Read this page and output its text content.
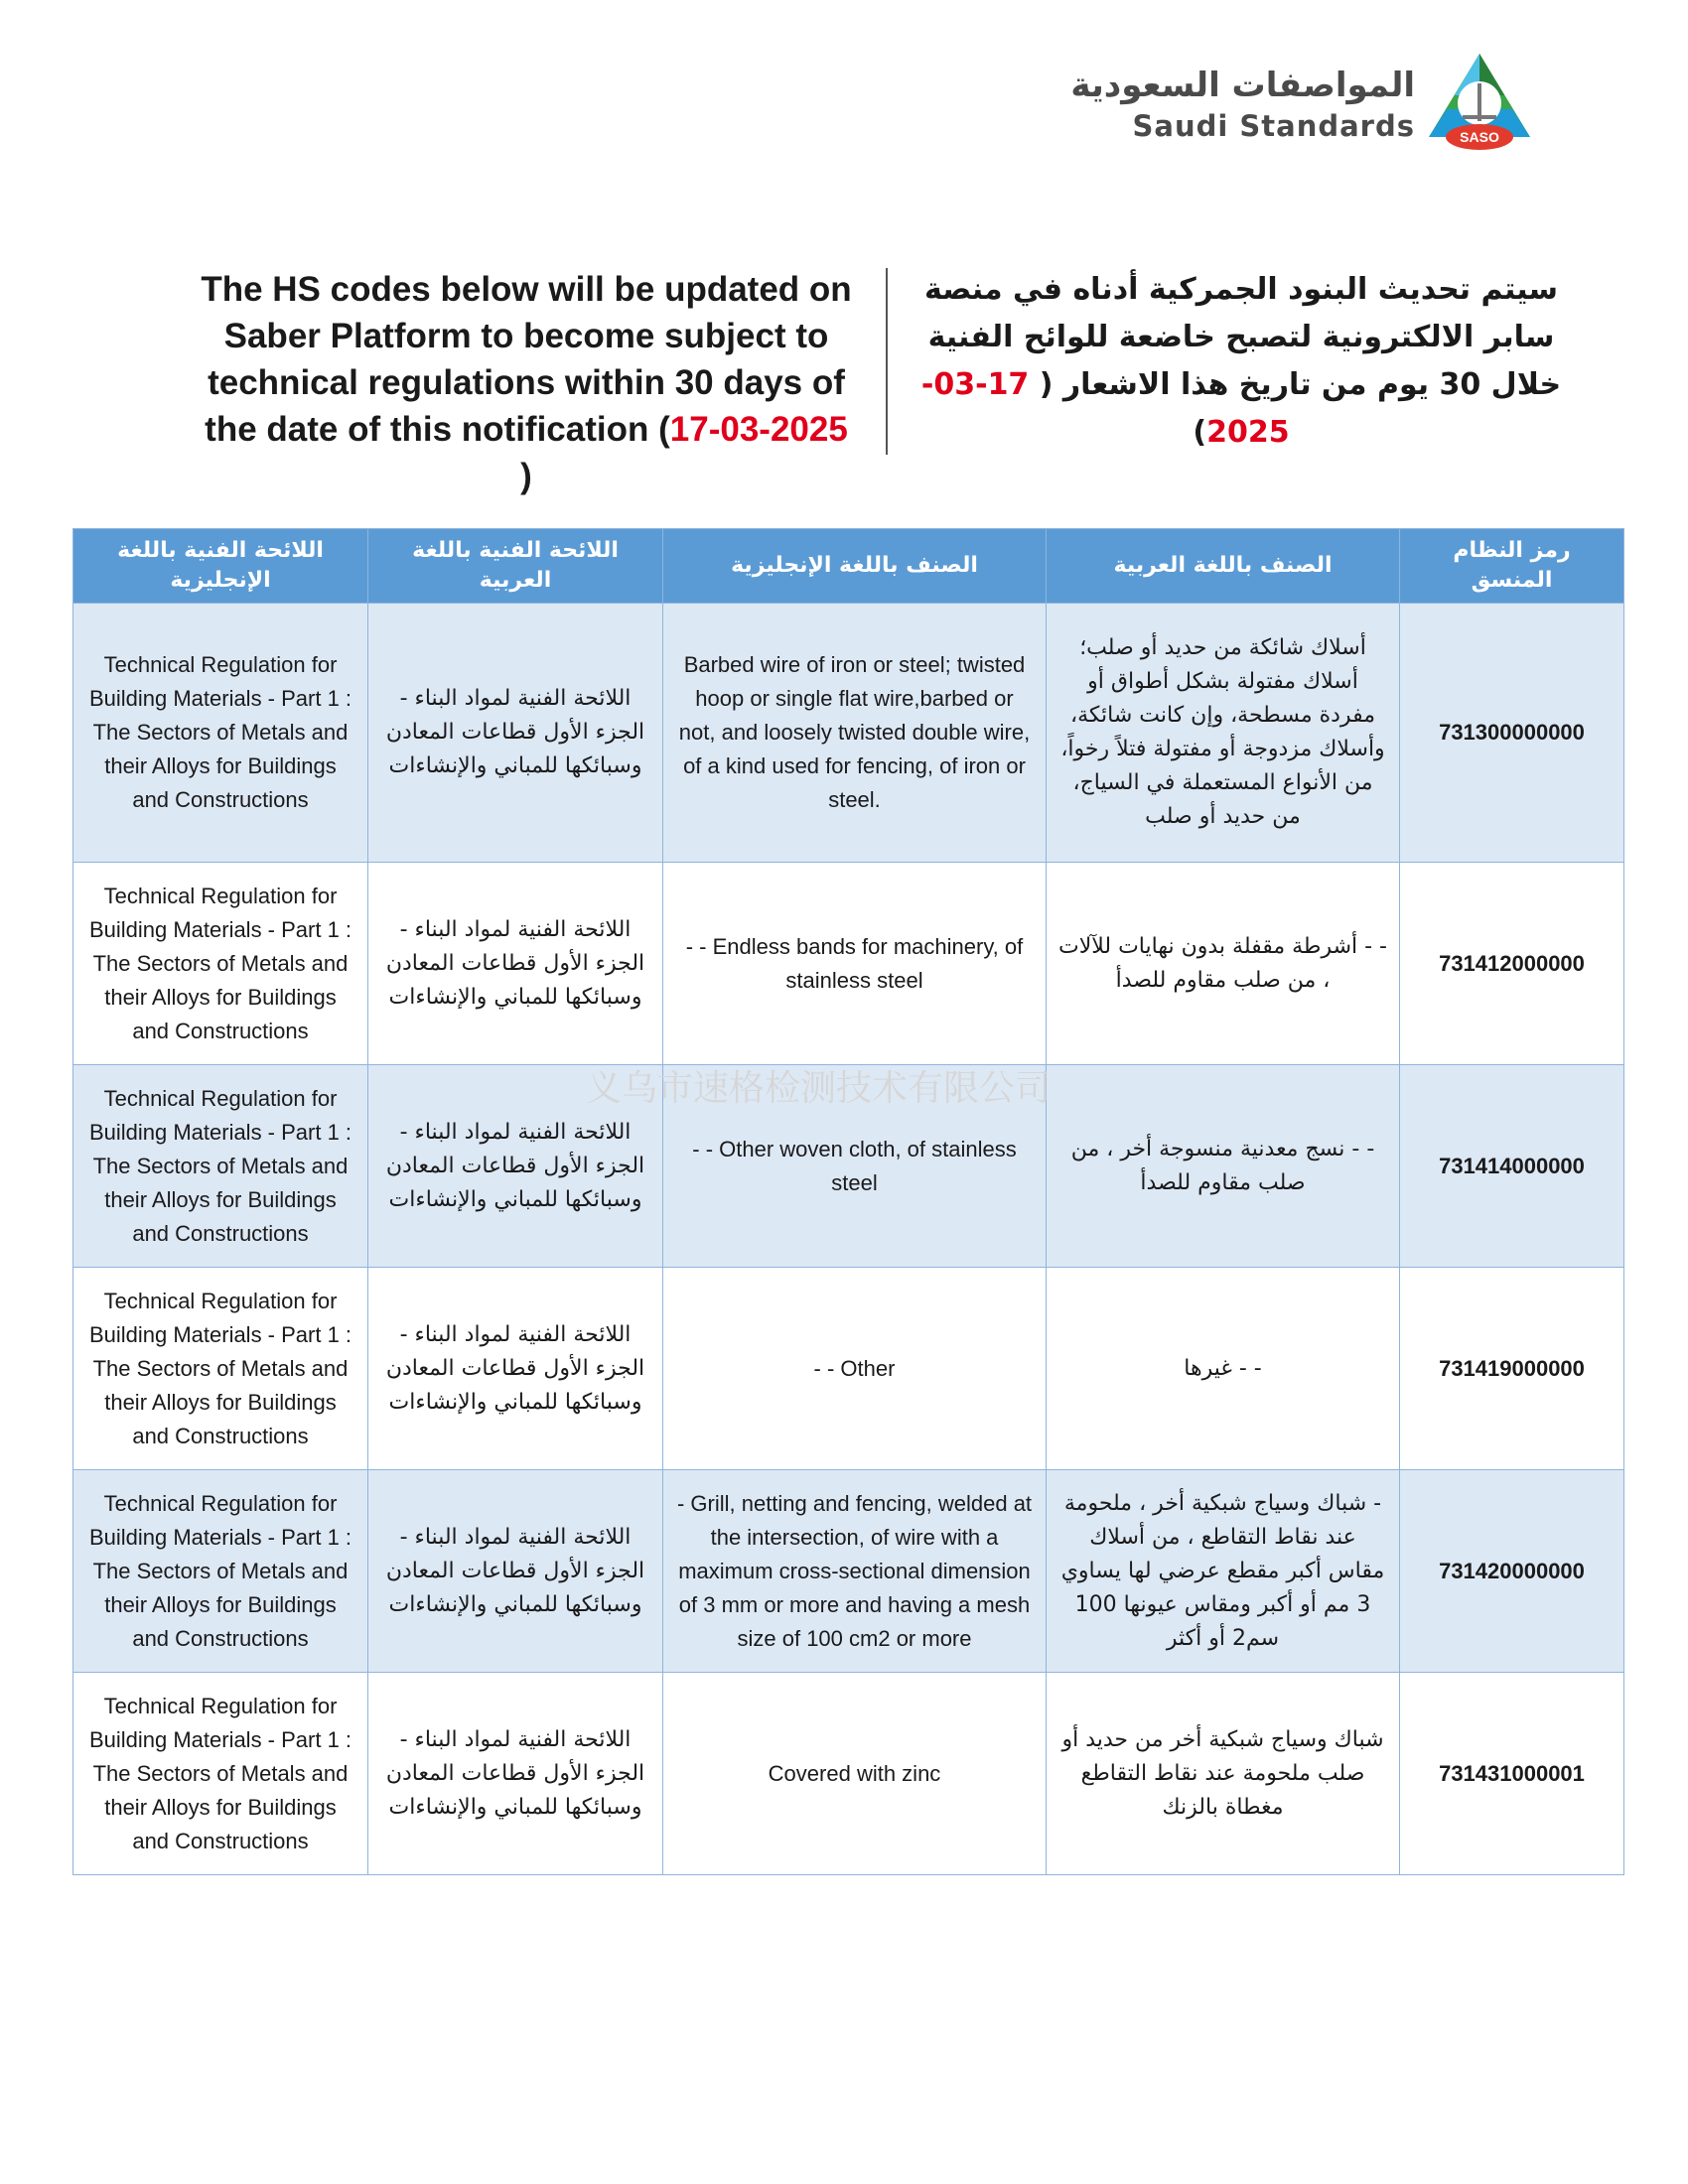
المواصفات السعودية
Saudi Standards	SASO
The HS codes below will be updated on Saber Platform to become subject to technical regulations within 30 days of the date of this notification (17-03-2025 )
سيتم تحديث البنود الجمركية أدناه في منصة سابر الالكترونية لتصبح خاضعة للوائح الفنية خلال 30 يوم من تاريخ هذا الاشعار ( 17-03-2025)
اللائحة الفنية باللغة الإنجليزية	اللائحة الفنية باللغة العربية	الصنف باللغة الإنجليزية	الصنف باللغة العربية	رمز النظام المنسق
Technical Regulation for Building Materials - Part 1 : The Sectors of Metals and their Alloys for Buildings and Constructions	اللائحة الفنية لمواد البناء - الجزء الأول قطاعات المعادن وسبائكها للمباني والإنشاءات	Barbed wire of iron or steel; twisted hoop or single flat wire,barbed or not, and loosely twisted double wire, of a kind used for fencing, of iron or steel.	أسلاك شائكة من حديد أو صلب؛ أسلاك مفتولة بشكل أطواق أو مفردة مسطحة، وإن كانت شائكة، وأسلاك مزدوجة أو مفتولة فتلاً رخواً، من الأنواع المستعملة في السياج، من حديد أو صلب	731300000000
Technical Regulation for Building Materials - Part 1 : The Sectors of Metals and their Alloys for Buildings and Constructions	اللائحة الفنية لمواد البناء - الجزء الأول قطاعات المعادن وسبائكها للمباني والإنشاءات	- - Endless bands for machinery, of stainless steel	- - أشرطة مقفلة بدون نهايات للآلات ، من صلب مقاوم للصدأ	731412000000
Technical Regulation for Building Materials - Part 1 : The Sectors of Metals and their Alloys for Buildings and Constructions	اللائحة الفنية لمواد البناء - الجزء الأول قطاعات المعادن وسبائكها للمباني والإنشاءات	- - Other woven cloth, of stainless steel	- - نسج معدنية منسوجة أخر ، من صلب مقاوم للصدأ	731414000000
Technical Regulation for Building Materials - Part 1 : The Sectors of Metals and their Alloys for Buildings and Constructions	اللائحة الفنية لمواد البناء - الجزء الأول قطاعات المعادن وسبائكها للمباني والإنشاءات	- - Other	- - غيرها	731419000000
Technical Regulation for Building Materials - Part 1 : The Sectors of Metals and their Alloys for Buildings and Constructions	اللائحة الفنية لمواد البناء - الجزء الأول قطاعات المعادن وسبائكها للمباني والإنشاءات	- Grill, netting and fencing, welded at the intersection, of wire with a maximum cross-sectional dimension of 3 mm or more and having a mesh size of 100 cm2 or more	- شباك وسياج شبكية أخر ، ملحومة عند نقاط التقاطع ، من أسلاك مقاس أكبر مقطع عرضي لها يساوي 3 مم أو أكبر ومقاس عيونها 100 سم2 أو أكثر	731420000000
Technical Regulation for Building Materials - Part 1 : The Sectors of Metals and their Alloys for Buildings and Constructions	اللائحة الفنية لمواد البناء - الجزء الأول قطاعات المعادن وسبائكها للمباني والإنشاءات	Covered with zinc	شباك وسياج شبكية أخر من حديد أو صلب ملحومة عند نقاط التقاطع مغطاة بالزنك	731431000001
义乌市速格检测技术有限公司
